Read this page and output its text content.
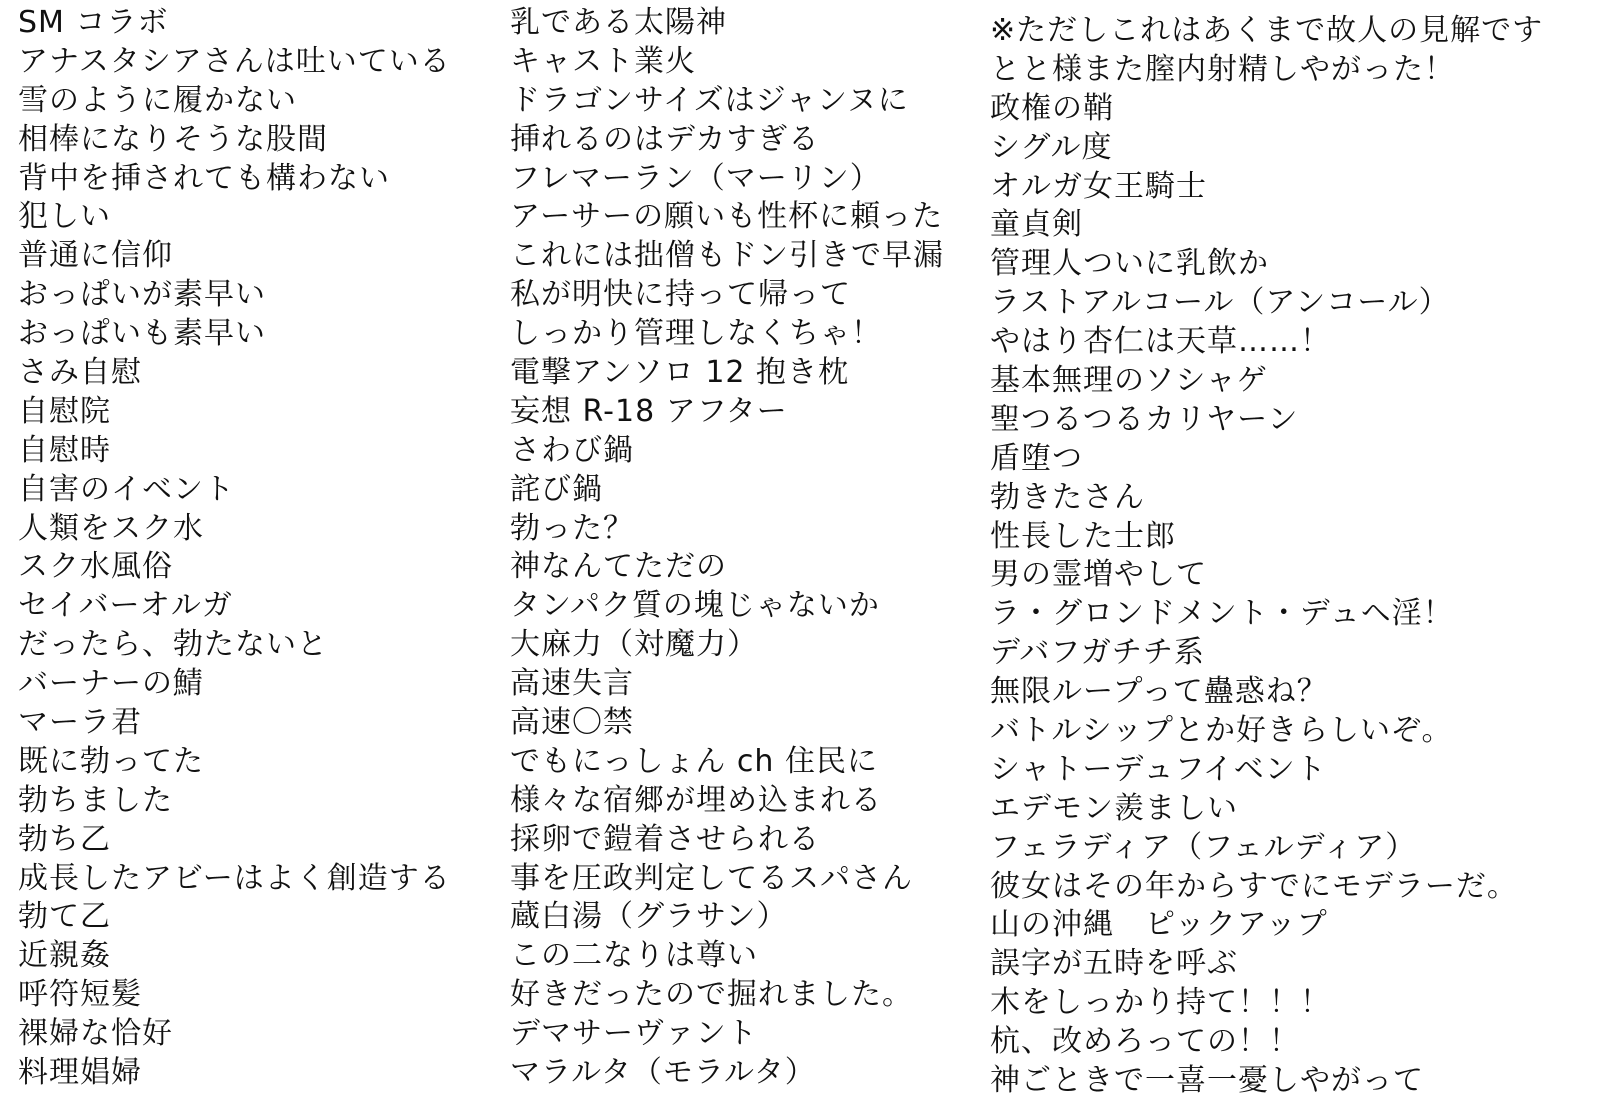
SM コラボ
アナスタシアさんは吐いている
雪のように履かない
相棒になりそうな股間
背中を挿されても構わない
犯しい
普通に信仰
おっぱいが素早い
おっぱいも素早い
さみ自慰
自慰院
自慰時
自害のイベント
人類をスク水
スク水風俗
セイバーオルガ
だったら、勃たないと
バーナーの鯖
マーラ君
既に勃ってた
勃ちました
勃ち乙
成長したアビーはよく創造する
勃て乙
近親姦
呼符短髪
裸婦な恰好
料理娼婦
乳である太陽神
キャスト業火
ドラゴンサイズはジャンヌに
挿れるのはデカすぎる
フレマーラン（マーリン）
アーサーの願いも性杯に頼った
これには拙僧もドン引きで早漏
私が明快に持って帰って
しっかり管理しなくちゃ！
電撃アンソロ 12 抱き枕
妄想 R-18 アフター
さわび鍋
詫び鍋
勃った？
神なんてただの
タンパク質の塊じゃないか
大麻力（対魔力）
高速失言
高速〇禁
でもにっしょん ch 住民に
様々な宿郷が埋め込まれる
採卵で鎧着させられる
事を圧政判定してるスパさん
蔵白湯（グラサン）
この二なりは尊い
好きだったので掘れました。
デマサーヴァント
マラルタ（モラルタ）
※ただしこれはあくまで故人の見解です
とと様また膣内射精しやがった！
政権の鞘
シグル度
オルガ女王騎士
童貞剣
管理人ついに乳飲か
ラストアルコール（アンコール）
やはり杏仁は天草……！
基本無理のソシャゲ
聖つるつるカリヤーン
盾堕つ
勃きたさん
性長した士郎
男の霊増やして
ラ・グロンドメント・デュヘ淫！
デバフガチチ系
無限ループって蠱惑ね？
バトルシップとか好きらしいぞ。
シャトーデュフイベント
エデモン羨ましい
フェラディア（フェルディア）
彼女はその年からすでにモデラーだ。
山の沖縄　ピックアップ
誤字が五時を呼ぶ
木をしっかり持て！！！
杭、改めろっての！！
神ごときで一喜一憂しやがって
